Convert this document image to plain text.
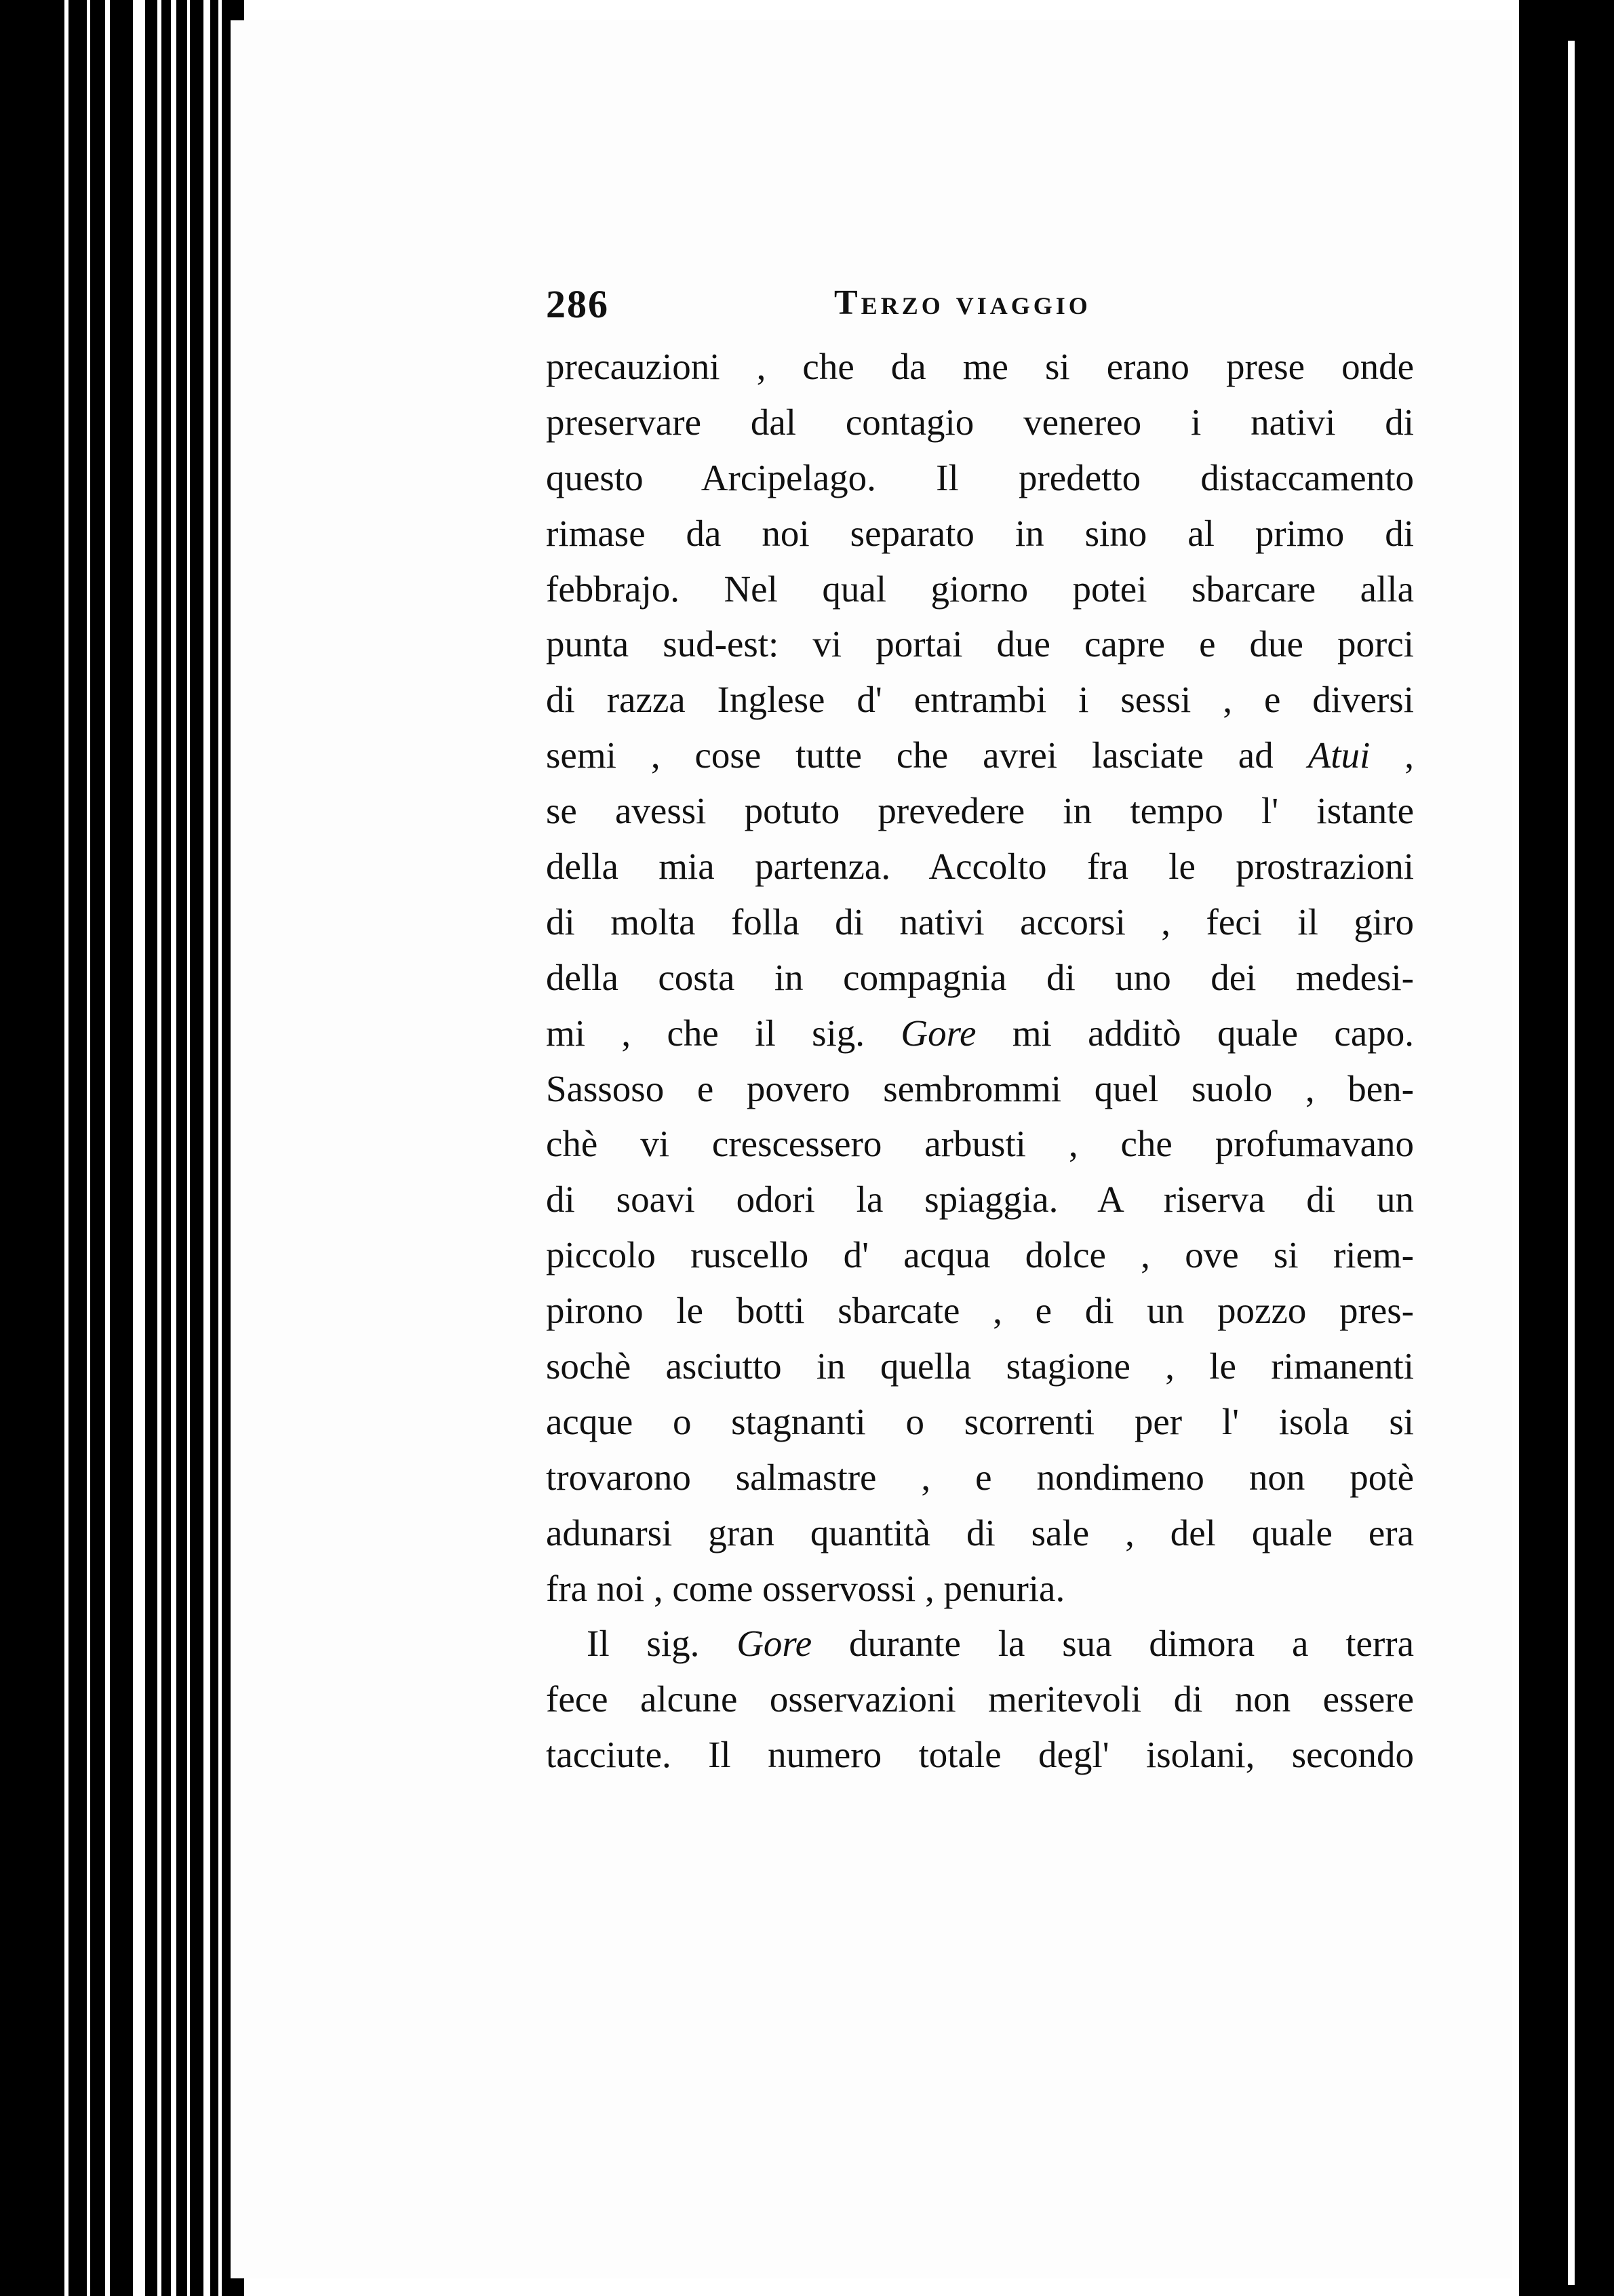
286	Terzo viaggio
precauzioni , che da me si erano prese onde
preservare dal contagio venereo i nativi di
questo Arcipelago. Il predetto distaccamento
rimase da noi separato in sino al primo di
febbrajo. Nel qual giorno potei sbarcare alla
punta sud-est: vi portai due capre e due porci
di razza Inglese d' entrambi i sessi , e diversi
semi , cose tutte che avrei lasciate ad Atui ,
se avessi potuto prevedere in tempo l' istante
della mia partenza. Accolto fra le prostrazioni
di molta folla di nativi accorsi , feci il giro
della costa in compagnia di uno dei medesi-
mi , che il sig. Gore mi additò quale capo.
Sassoso e povero sembrommi quel suolo , ben-
chè vi crescessero arbusti , che profumavano
di soavi odori la spiaggia. A riserva di un
piccolo ruscello d' acqua dolce , ove si riem-
pirono le botti sbarcate , e di un pozzo pres-
sochè asciutto in quella stagione , le rimanenti
acque o stagnanti o scorrenti per l' isola si
trovarono salmastre , e nondimeno non potè
adunarsi gran quantità di sale , del quale era
fra noi , come osservossi , penuria.
Il sig. Gore durante la sua dimora a terra
fece alcune osservazioni meritevoli di non essere
tacciute. Il numero totale degl' isolani, secondo
